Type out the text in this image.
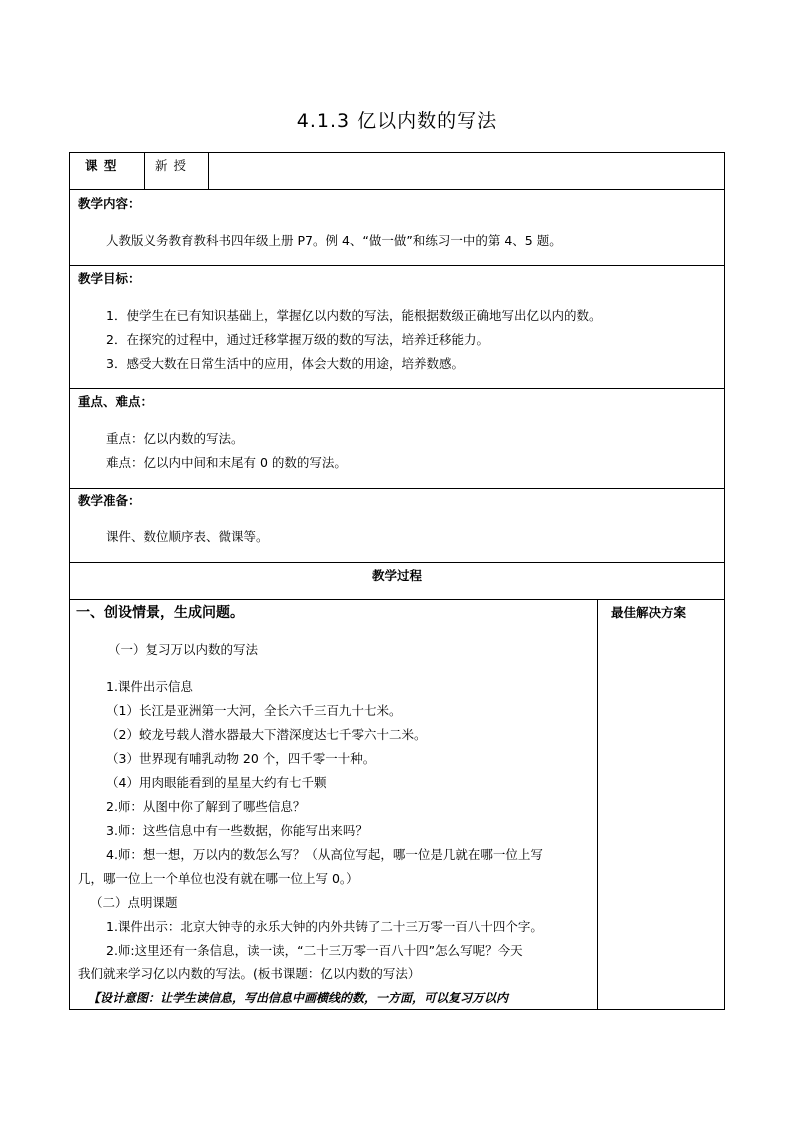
4.1.3 亿以内数的写法
课 型	新 授
教学内容：
人教版义务教育教科书四年级上册 P7。例 4、“做一做”和练习一中的第 4、5 题。
教学目标：
1．使学生在已有知识基础上，掌握亿以内数的写法，能根据数级正确地写出亿以内的数。
2．在探究的过程中，通过迁移掌握万级的数的写法，培养迁移能力。
3．感受大数在日常生活中的应用，体会大数的用途，培养数感。
重点、难点：
重点：亿以内数的写法。
难点：亿以内中间和末尾有 0 的数的写法。
教学准备：
课件、数位顺序表、微课等。
教学过程
一、创设情景，生成问题。	最佳解决方案
（一）复习万以内数的写法
1.课件出示信息
（1）长江是亚洲第一大河，全长六千三百九十七米。
（2）蛟龙号载人潜水器最大下潜深度达七千零六十二米。
（3）世界现有哺乳动物 20 个，四千零一十种。
（4）用肉眼能看到的星星大约有七千颗
2.师：从图中你了解到了哪些信息？
3.师：这些信息中有一些数据，你能写出来吗？
4.师：想一想，万以内的数怎么写？（从高位写起，哪一位是几就在哪一位上写
几，哪一位上一个单位也没有就在哪一位上写 0。）
（二）点明课题
1.课件出示：北京大钟寺的永乐大钟的内外共铸了二十三万零一百八十四个字。
2.师:这里还有一条信息，读一读，“二十三万零一百八十四”怎么写呢？今天
我们就来学习亿以内数的写法。(板书课题：亿以内数的写法）
【设计意图：让学生读信息，写出信息中画横线的数，一方面，可以复习万以内
